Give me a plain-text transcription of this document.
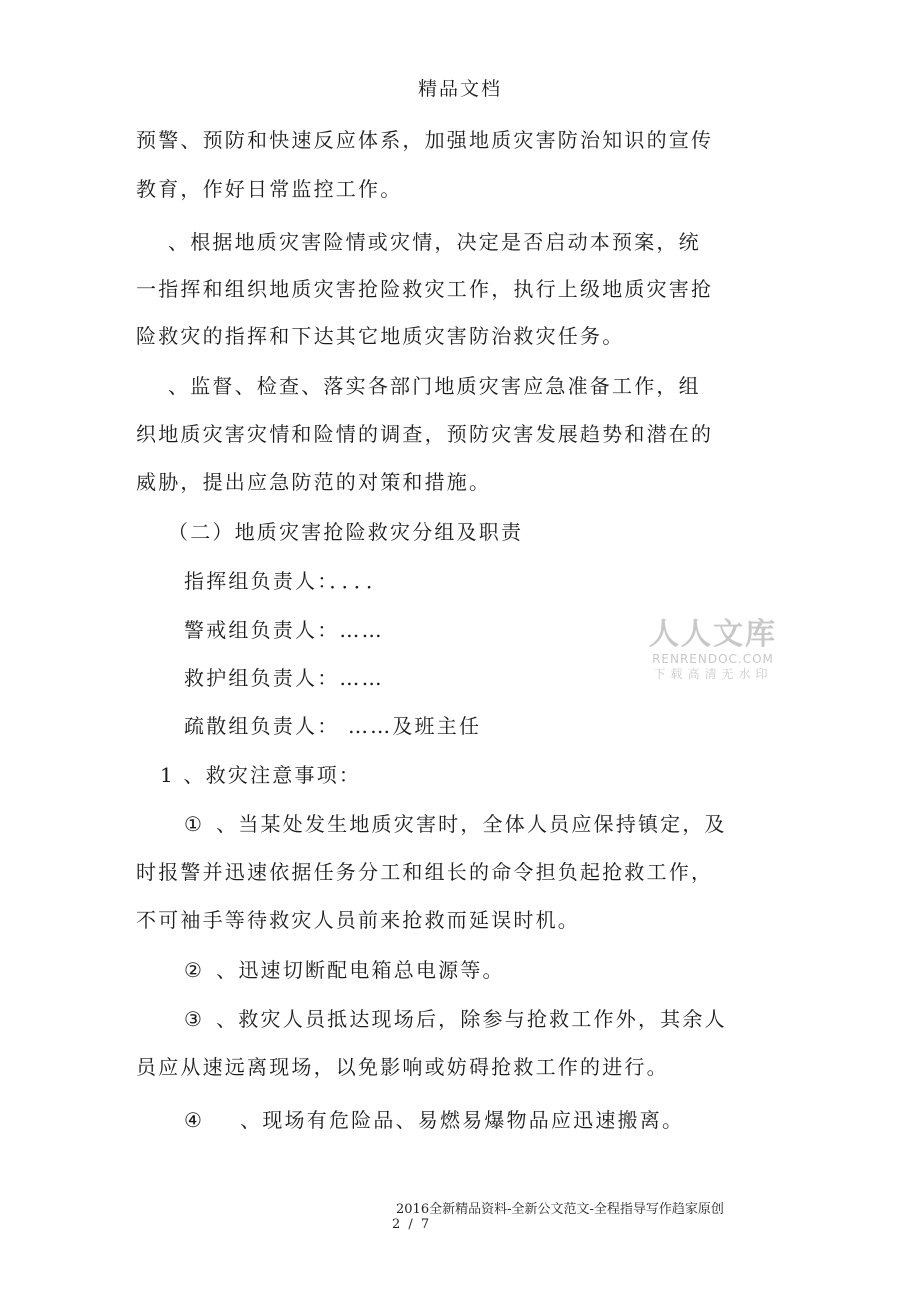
精品文档
预警、预防和快速反应体系，加强地质灾害防治知识的宣传
教育，作好日常监控工作。
、根据地质灾害险情或灾情，决定是否启动本预案，统
一指挥和组织地质灾害抢险救灾工作，执行上级地质灾害抢
险救灾的指挥和下达其它地质灾害防治救灾任务。
、监督、检查、落实各部门地质灾害应急准备工作，组
织地质灾害灾情和险情的调查，预防灾害发展趋势和潜在的
威胁，提出应急防范的对策和措施。
（二）地质灾害抢险救灾分组及职责
指挥组负责人：．．．．
警戒组负责人：……
救护组负责人：……
疏散组负责人： ……及班主任
1 、救灾注意事项：
① 、当某处发生地质灾害时，全体人员应保持镇定，及
时报警并迅速依据任务分工和组长的命令担负起抢救工作，
不可袖手等待救灾人员前来抢救而延误时机。
② 、迅速切断配电箱总电源等。
③ 、救灾人员抵达现场后，除参与抢救工作外，其余人
员应从速远离现场，以免影响或妨碍抢救工作的进行。
④ 、现场有危险品、易燃易爆物品应迅速搬离。
人人文库
RENRENDOC.COM
下载高清无水印
2016全新精品资料-全新公文范文-全程指导写作趋家原创
2 / 7
